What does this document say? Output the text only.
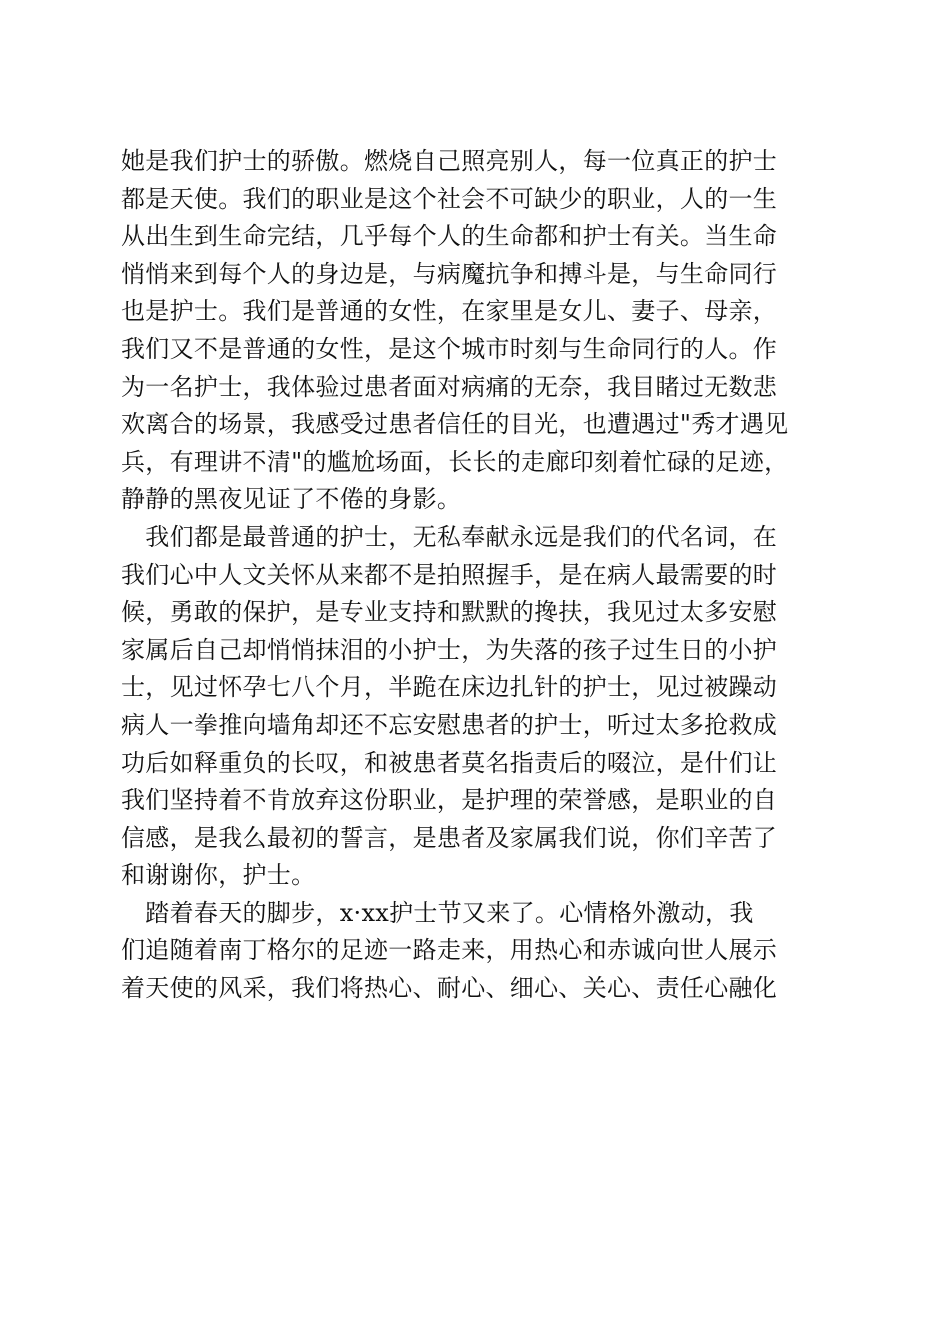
她是我们护士的骄傲。燃烧自己照亮别人，每一位真正的护士
都是天使。我们的职业是这个社会不可缺少的职业，人的一生
从出生到生命完结，几乎每个人的生命都和护士有关。当生命
悄悄来到每个人的身边是，与病魔抗争和搏斗是，与生命同行
也是护士。我们是普通的女性，在家里是女儿、妻子、母亲，
我们又不是普通的女性，是这个城市时刻与生命同行的人。作
为一名护士，我体验过患者面对病痛的无奈，我目睹过无数悲
欢离合的场景，我感受过患者信任的目光，也遭遇过"秀才遇见
兵，有理讲不清"的尴尬场面，长长的走廊印刻着忙碌的足迹，
静静的黑夜见证了不倦的身影。
　我们都是最普通的护士，无私奉献永远是我们的代名词，在
我们心中人文关怀从来都不是拍照握手，是在病人最需要的时
候，勇敢的保护，是专业支持和默默的搀扶，我见过太多安慰
家属后自己却悄悄抹泪的小护士，为失落的孩子过生日的小护
士，见过怀孕七八个月，半跪在床边扎针的护士，见过被躁动
病人一拳推向墙角却还不忘安慰患者的护士，听过太多抢救成
功后如释重负的长叹，和被患者莫名指责后的啜泣，是什们让
我们坚持着不肯放弃这份职业，是护理的荣誉感，是职业的自
信感，是我么最初的誓言，是患者及家属我们说，你们辛苦了
和谢谢你，护士。
　踏着春天的脚步，x·xx护士节又来了。心情格外激动，我
们追随着南丁格尔的足迹一路走来，用热心和赤诚向世人展示
着天使的风采，我们将热心、耐心、细心、关心、责任心融化
